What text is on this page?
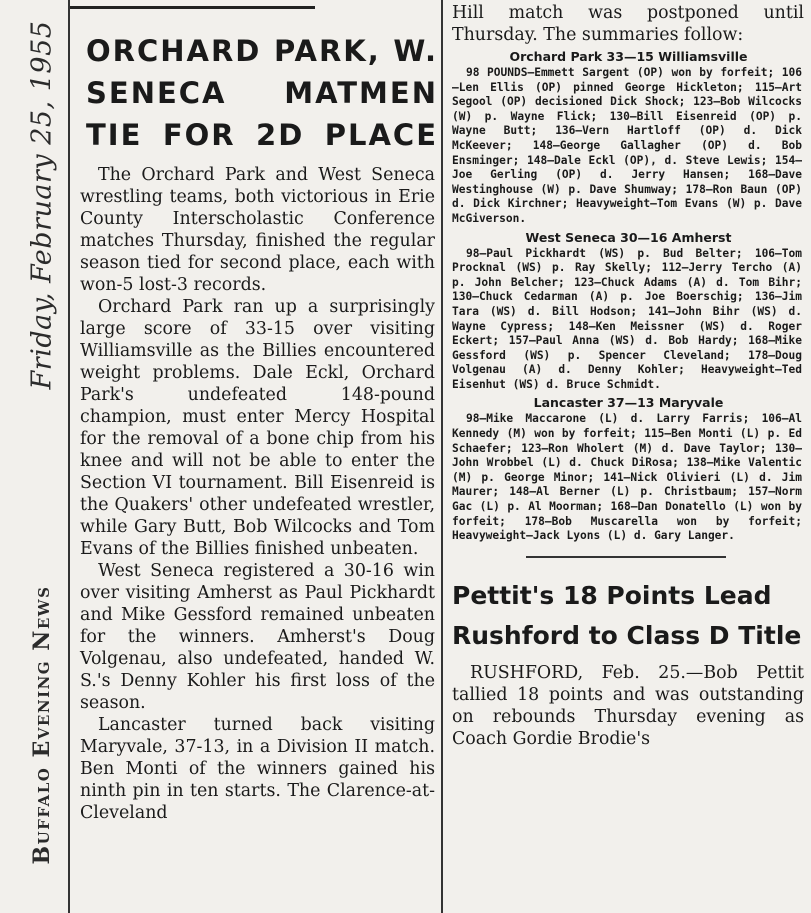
Friday, February 25, 1955
Buffalo Evening News
ORCHARD PARK, W. SENECA MATMEN TIE FOR 2D PLACE

The Orchard Park and West Seneca wrestling teams, both victorious in Erie County Interscholastic Conference matches Thursday, finished the regular season tied for second place, each with won-5 lost-3 records.

Orchard Park ran up a surprisingly large score of 33-15 over visiting Williamsville as the Billies encountered weight problems. Dale Eckl, Orchard Park's undefeated 148-pound champion, must enter Mercy Hospital for the removal of a bone chip from his knee and will not be able to enter the Section VI tournament. Bill Eisenreid is the Quakers' other undefeated wrestler, while Gary Butt, Bob Wilcocks and Tom Evans of the Billies finished unbeaten.

West Seneca registered a 30-16 win over visiting Amherst as Paul Pickhardt and Mike Gessford remained unbeaten for the winners. Amherst's Doug Volgenau, also undefeated, handed W. S.'s Denny Kohler his first loss of the season.

Lancaster turned back visiting Maryvale, 37-13, in a Division II match. Ben Monti of the winners gained his ninth pin in ten starts. The Clarence-at-Cleveland

Hill match was postponed until Thursday. The summaries follow:
Orchard Park 33—15 Williamsville

98 POUNDS—Emmett Sargent (OP) won by forfeit; 106—Len Ellis (OP) pinned George Hickleton; 115—Art Segool (OP) decisioned Dick Shock; 123—Bob Wilcocks (W) p. Wayne Flick; 130—Bill Eisenreid (OP) p. Wayne Butt; 136—Vern Hartloff (OP) d. Dick McKeever; 148—George Gallagher (OP) d. Bob Ensminger; 148—Dale Eckl (OP), d. Steve Lewis; 154—Joe Gerling (OP) d. Jerry Hansen; 168—Dave Westinghouse (W) p. Dave Shumway; 178—Ron Baun (OP) d. Dick Kirchner; Heavyweight—Tom Evans (W) p. Dave McGiverson.

West Seneca 30—16 Amherst

98—Paul Pickhardt (WS) p. Bud Belter; 106—Tom Procknal (WS) p. Ray Skelly; 112—Jerry Tercho (A) p. John Belcher; 123—Chuck Adams (A) d. Tom Bihr; 130—Chuck Cedarman (A) p. Joe Boerschig; 136—Jim Tara (WS) d. Bill Hodson; 141—John Bihr (WS) d. Wayne Cypress; 148—Ken Meissner (WS) d. Roger Eckert; 157—Paul Anna (WS) d. Bob Hardy; 168—Mike Gessford (WS) p. Spencer Cleveland; 178—Doug Volgenau (A) d. Denny Kohler; Heavyweight—Ted Eisenhut (WS) d. Bruce Schmidt.

Lancaster 37—13 Maryvale

98—Mike Maccarone (L) d. Larry Farris; 106—Al Kennedy (M) won by forfeit; 115—Ben Monti (L) p. Ed Schaefer; 123—Ron Wholert (M) d. Dave Taylor; 130—John Wrobbel (L) d. Chuck DiRosa; 138—Mike Valentic (M) p. George Minor; 141—Nick Olivieri (L) d. Jim Maurer; 148—Al Berner (L) p. Christbaum; 157—Norm Gac (L) p. Al Moorman; 168—Dan Donatello (L) won by forfeit; 178—Bob Muscarella won by forfeit; Heavyweight—Jack Lyons (L) d. Gary Langer.

Pettit's 18 Points Lead Rushford to Class D Title

RUSHFORD, Feb. 25.—Bob Pettit tallied 18 points and was outstanding on rebounds Thursday evening as Coach Gordie Brodie's
